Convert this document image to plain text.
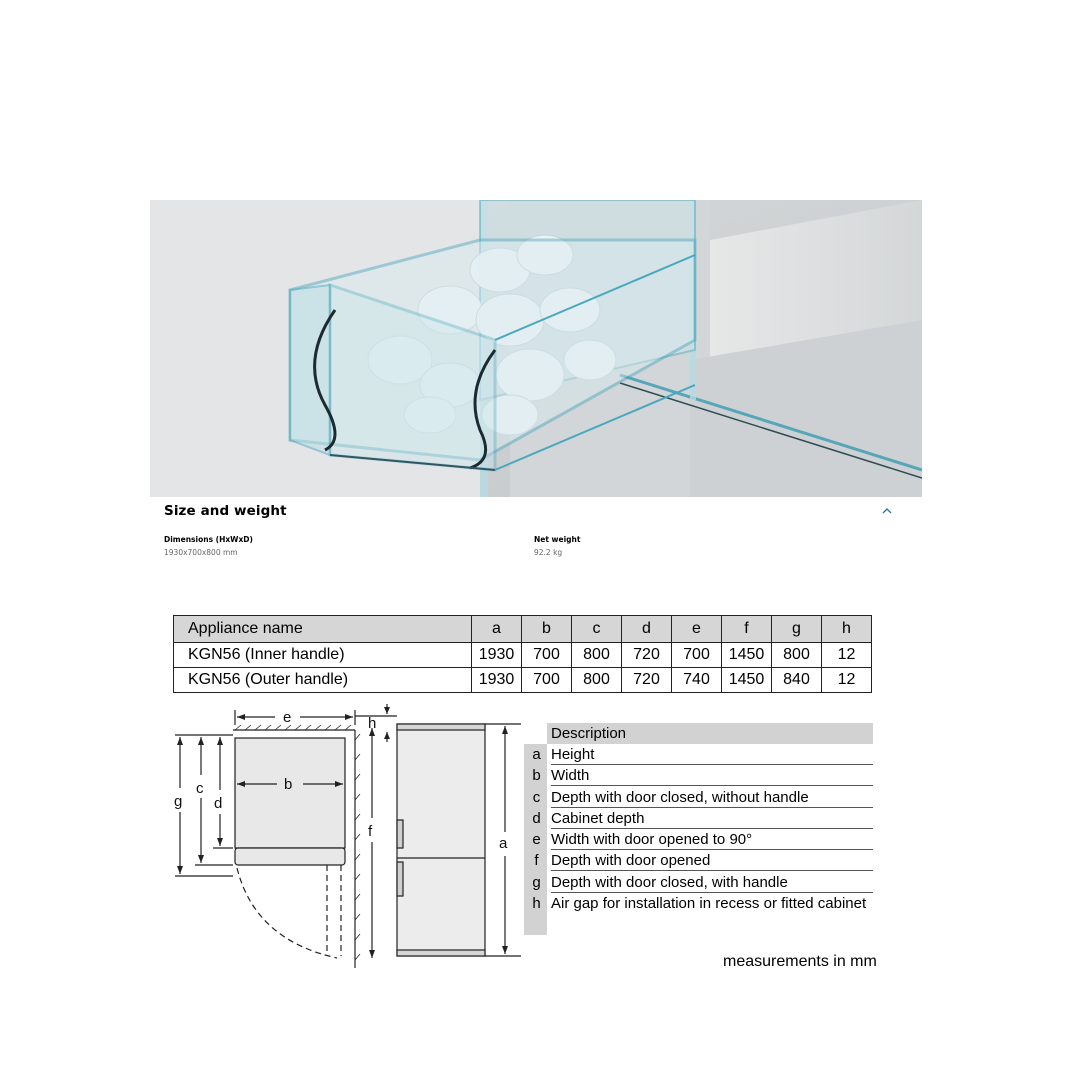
Size and weight
Dimensions (HxWxD)
1930x700x800 mm
Net weight
92.2 kg
Appliance name	a	b	c	d	e	f	g	h
KGN56 (Inner handle)	1930	700	800	720	700	1450	800	12
KGN56 (Outer handle)	1930	700	800	720	740	1450	840	12
e
b
g
c
d
h
f
a
Description
a Height
b Width
c Depth with door closed, without handle
d Cabinet depth
e Width with door opened to 90°
f Depth with door opened
g Depth with door closed, with handle
h Air gap for installation in recess or fitted cabinet
measurements in mm
